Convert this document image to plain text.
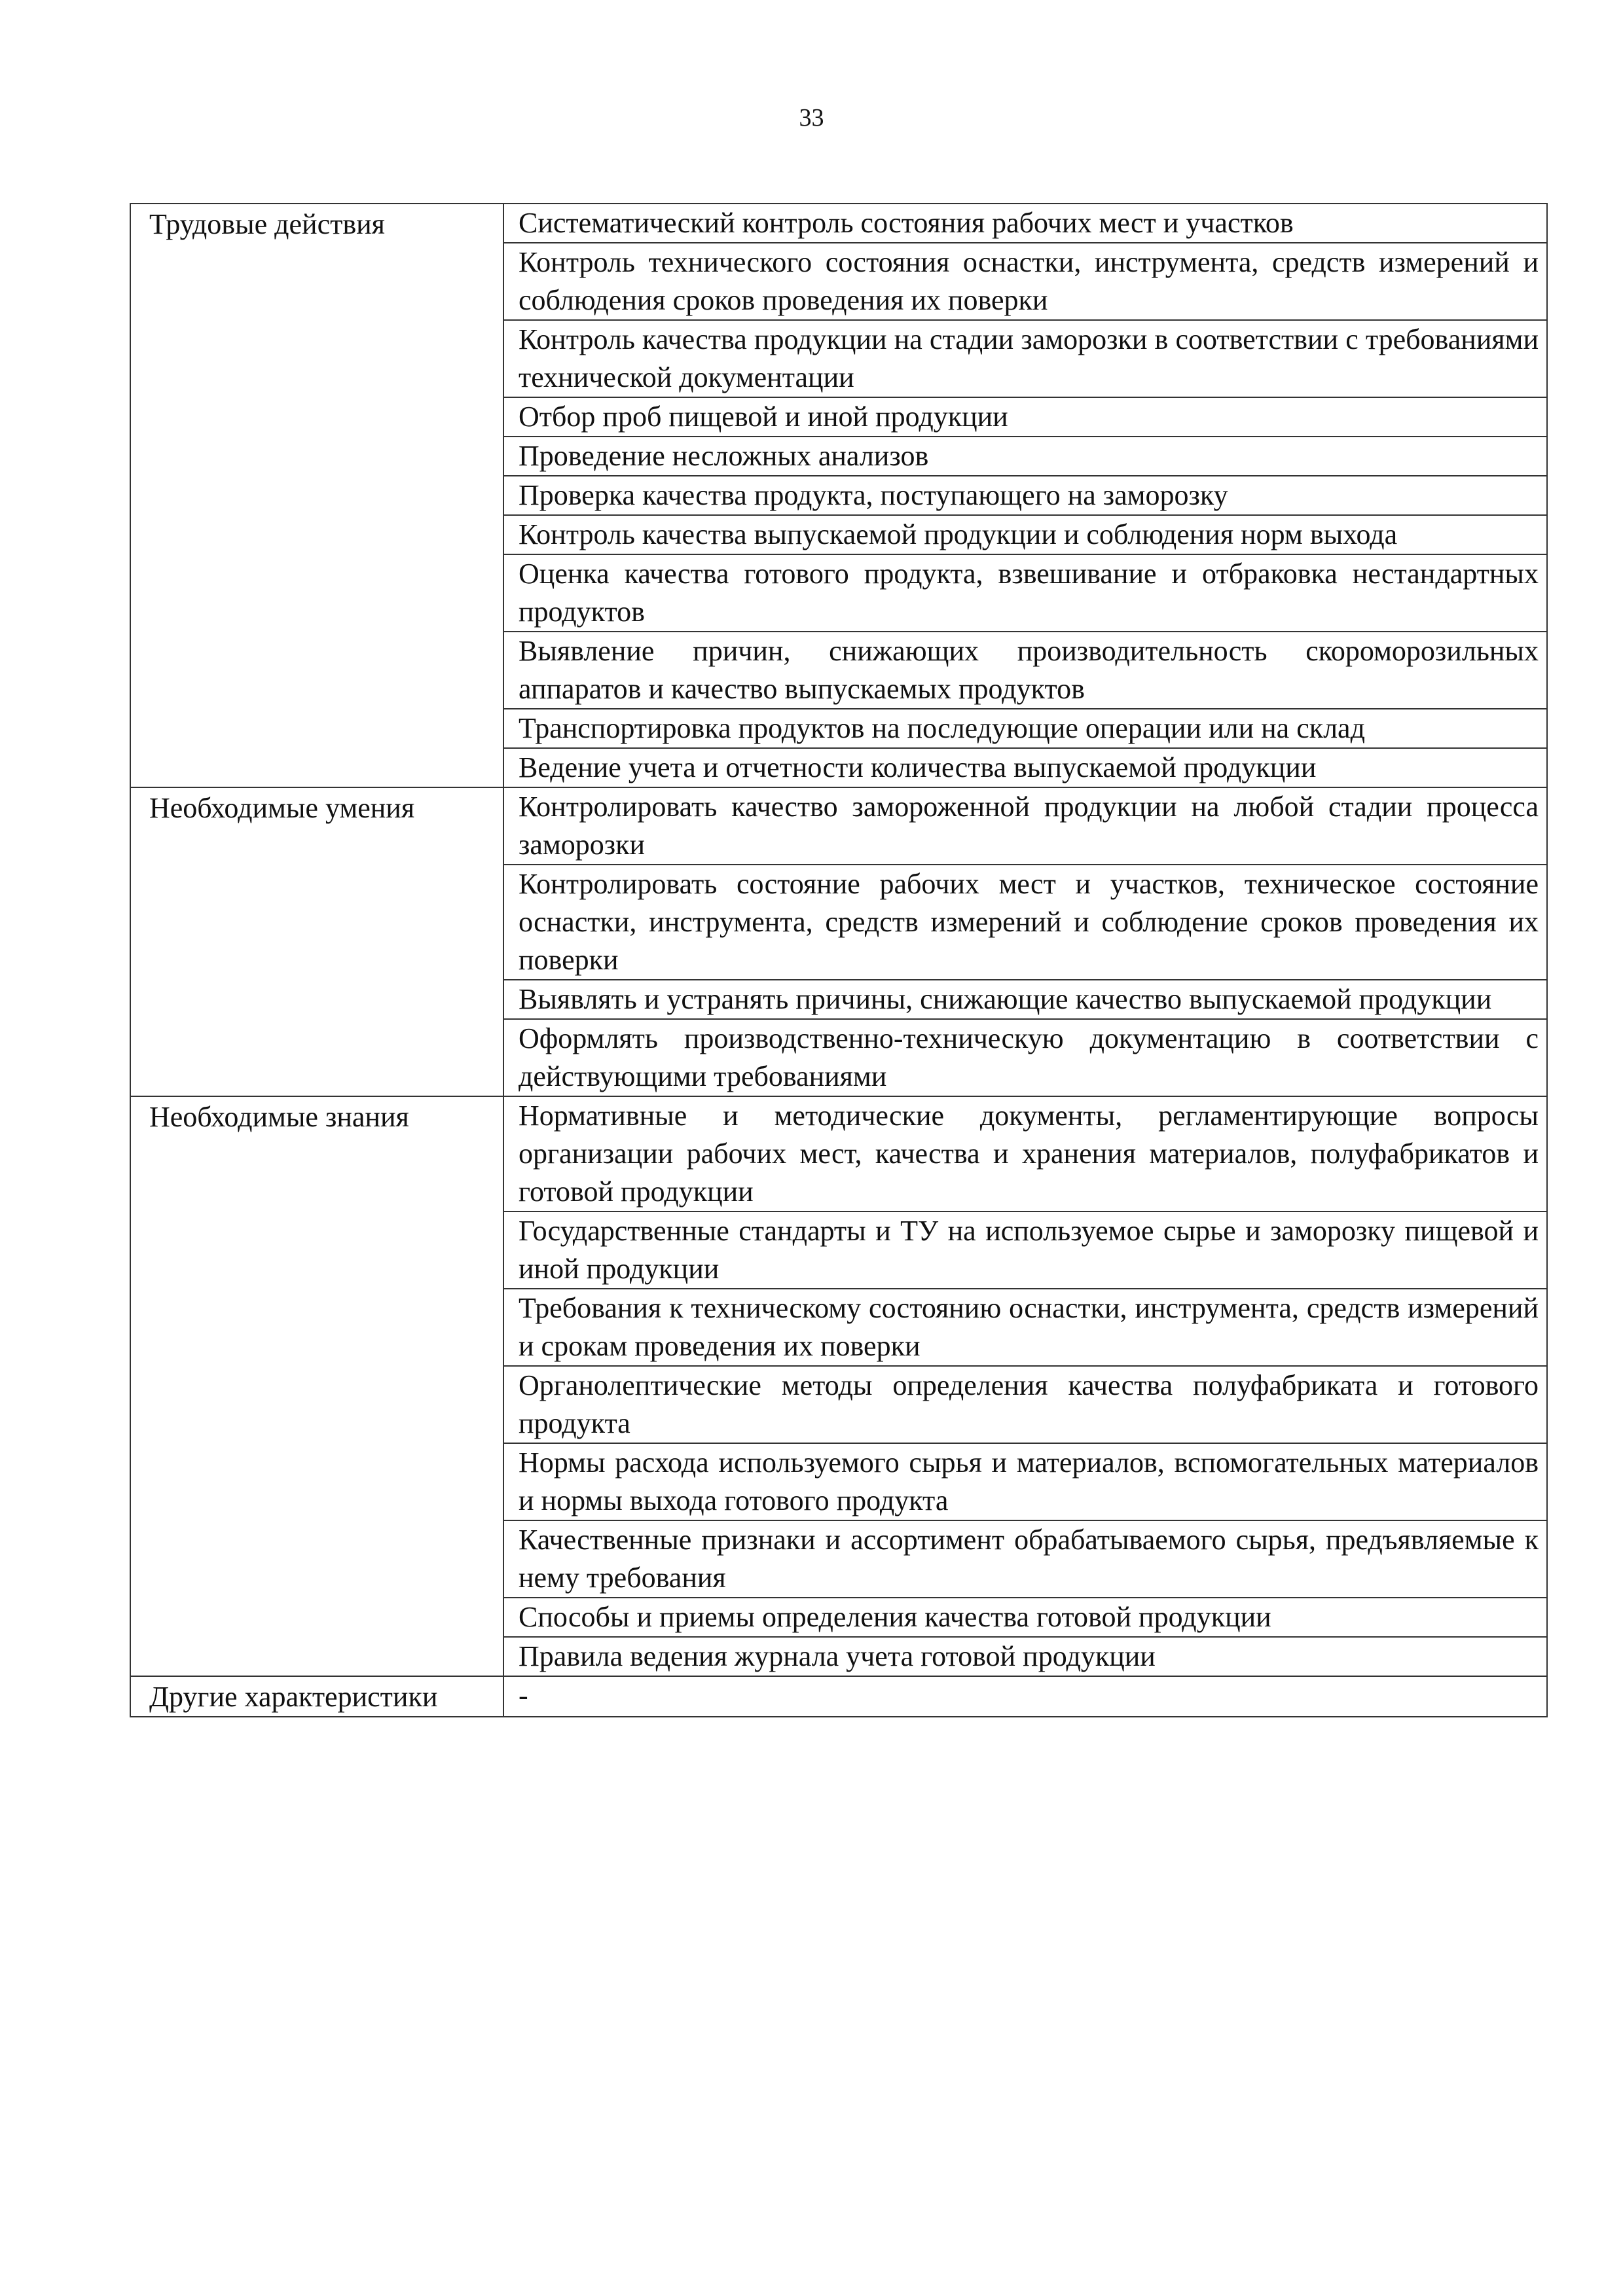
33
Трудовые действия	Систематический контроль состояния рабочих мест и участков
	Контроль технического состояния оснастки, инструмента, средств измерений и соблюдения сроков проведения их поверки
	Контроль качества продукции на стадии заморозки в соответствии с требованиями технической документации
	Отбор проб пищевой и иной продукции
	Проведение несложных анализов
	Проверка качества продукта, поступающего на заморозку
	Контроль качества выпускаемой продукции и соблюдения норм выхода
	Оценка качества готового продукта, взвешивание и отбраковка нестандартных продуктов
	Выявление причин, снижающих производительность скороморозильных аппаратов и качество выпускаемых продуктов
	Транспортировка продуктов на последующие операции или на склад
	Ведение учета и отчетности количества выпускаемой продукции
Необходимые умения	Контролировать качество замороженной продукции на любой стадии процесса заморозки
	Контролировать состояние рабочих мест и участков, техническое состояние оснастки, инструмента, средств измерений и соблюдение сроков проведения их поверки
	Выявлять и устранять причины, снижающие качество выпускаемой продукции
	Оформлять производственно-техническую документацию в соответствии с действующими требованиями
Необходимые знания	Нормативные и методические документы, регламентирующие вопросы организации рабочих мест, качества и хранения материалов, полуфабрикатов и готовой продукции
	Государственные стандарты и ТУ на используемое сырье и заморозку пищевой и иной продукции
	Требования к техническому состоянию оснастки, инструмента, средств измерений и срокам проведения их поверки
	Органолептические методы определения качества полуфабриката и готового продукта
	Нормы расхода используемого сырья и материалов, вспомогательных материалов и нормы выхода готового продукта
	Качественные признаки и ассортимент обрабатываемого сырья, предъявляемые к нему требования
	Способы и приемы определения качества готовой продукции
	Правила ведения журнала учета готовой продукции
Другие характеристики	-
